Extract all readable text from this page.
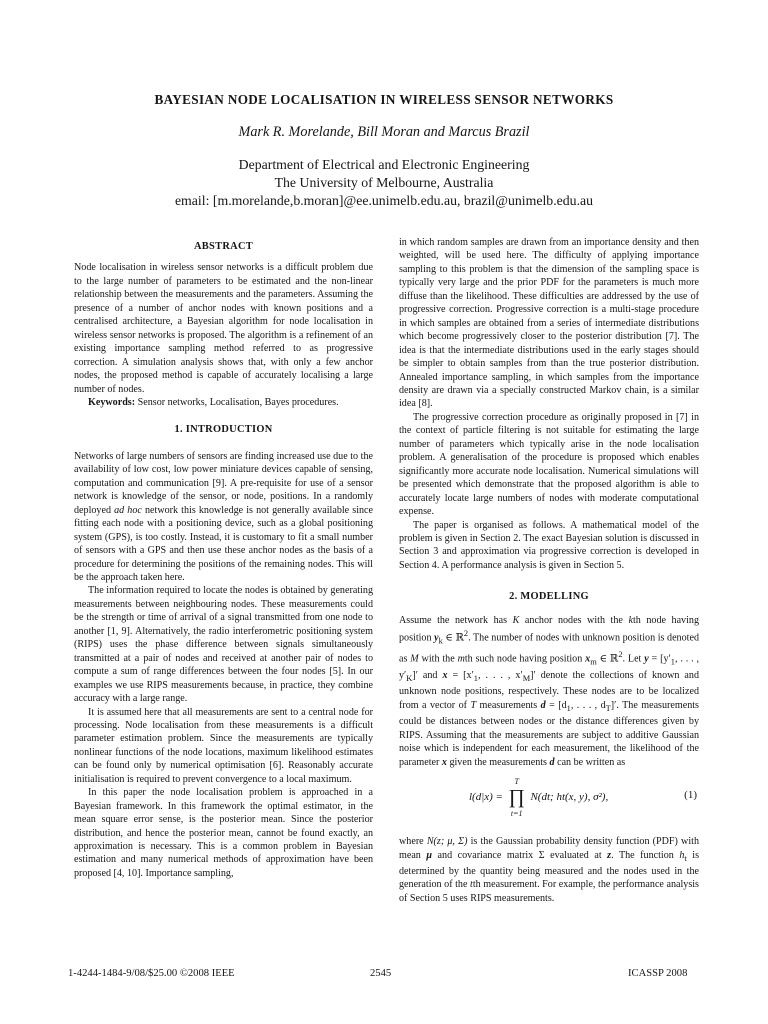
BAYESIAN NODE LOCALISATION IN WIRELESS SENSOR NETWORKS
Mark R. Morelande, Bill Moran and Marcus Brazil
Department of Electrical and Electronic Engineering
The University of Melbourne, Australia
email: [m.morelande,b.moran]@ee.unimelb.edu.au, brazil@unimelb.edu.au
ABSTRACT

Node localisation in wireless sensor networks is a difficult problem due to the large number of parameters to be estimated and the non-linear relationship between the measurements and the parameters. Assuming the presence of a number of anchor nodes with known positions and a centralised architecture, a Bayesian algorithm for node localisation in wireless sensor networks is proposed. The algorithm is a refinement of an existing importance sampling method referred to as progressive correction. A simulation analysis shows that, with only a few anchor nodes, the proposed method is capable of accurately localising a large number of nodes.

Keywords: Sensor networks, Localisation, Bayes procedures.

1. INTRODUCTION

Networks of large numbers of sensors are finding increased use due to the availability of low cost, low power miniature devices capable of sensing, computation and communication [9]. A pre-requisite for use of a sensor network is knowledge of the sensor, or node, positions. In a randomly deployed ad hoc network this knowledge is not generally available since fitting each node with a positioning device, such as a global positioning system (GPS), is too costly. Instead, it is customary to fit a small number of sensors with a GPS and then use these anchor nodes as the basis of a procedure for determining the positions of the remaining nodes. This will be the approach taken here.

The information required to locate the nodes is obtained by generating measurements between neighbouring nodes. These measurements could be the strength or time of arrival of a signal transmitted from one node to another [1, 9]. Alternatively, the radio interferometric positioning system (RIPS) uses the phase difference between signals simultaneously transmitted at a pair of nodes and received at another pair of nodes to compute a sum of range differences between the four nodes [5]. In our examples we use RIPS measurements because, in practice, they combine accuracy with a large range.

It is assumed here that all measurements are sent to a central node for processing. Node localisation from these measurements is a difficult parameter estimation problem. Since the measurements are typically nonlinear functions of the node locations, maximum likelihood estimates can be found only by numerical optimisation [6]. Reasonably accurate initialisation is required to prevent convergence to a local maximum.

In this paper the node localisation problem is approached in a Bayesian framework. In this framework the optimal estimator, in the mean square error sense, is the posterior mean. Since the posterior distribution, and hence the posterior mean, cannot be found exactly, an approximation is necessary. This is a common problem in Bayesian estimation and many numerical methods of approximation have been proposed [4, 10]. Importance sampling,

in which random samples are drawn from an importance density and then weighted, will be used here. The difficulty of applying importance sampling to this problem is that the dimension of the sampling space is typically very large and the prior PDF for the parameters is much more diffuse than the likelihood. These difficulties are addressed by the use of progressive correction. Progressive correction is a multi-stage procedure in which samples are obtained from a series of intermediate distributions which become progressively closer to the posterior distribution [7]. The idea is that the intermediate distributions used in the early stages should be simpler to obtain samples from than the true posterior distribution. Annealed importance sampling, in which samples from the importance density are drawn via a specially constructed Markov chain, is a similar idea [8].

The progressive correction procedure as originally proposed in [7] in the context of particle filtering is not suitable for estimating the large number of parameters which typically arise in the node localisation problem. A generalisation of the procedure is proposed which enables significantly more accurate node localisation. Numerical simulations will be presented which demonstrate that the proposed algorithm is able to accurately locate large numbers of nodes with moderate computational expense.

The paper is organised as follows. A mathematical model of the problem is given in Section 2. The exact Bayesian solution is discussed in Section 3 and approximation via progressive correction is developed in Section 4. A performance analysis is given in Section 5.

2. MODELLING

Assume the network has K anchor nodes with the kth node having position $y_k$ ∈ ℝ$^2$. The number of nodes with unknown position is denoted as M with the mth such node having position $x_m$ ∈ ℝ$^2$. Let $y = [y'_1$, . . . , $y'_K]'$ and $x = [x'_1$, . . . , $x'_M]'$ denote the collections of known and unknown node positions, respectively. These nodes are to be localized from a vector of T measurements $d = [d_1$, . . . , $d_T]'$. The measurements could be distances between nodes or the distance differences given by RIPS. Assuming that the measurements are subject to additive Gaussian noise which is independent for each measurement, the likelihood of the parameter x given the measurements d can be written as

l(d|x) =
T
∏
t=1
N(dt; ht(x, y), σ²),	(1)

where N(z; μ, Σ) is the Gaussian probability density function (PDF) with mean μ and covariance matrix Σ evaluated at z. The function $h_t$ is determined by the quantity being measured and the nodes used in the generation of the tth measurement. For example, the performance analysis of Section 5 uses RIPS measurements.

1-4244-1484-9/08/$25.00 ©2008 IEEE	2545	ICASSP 2008
